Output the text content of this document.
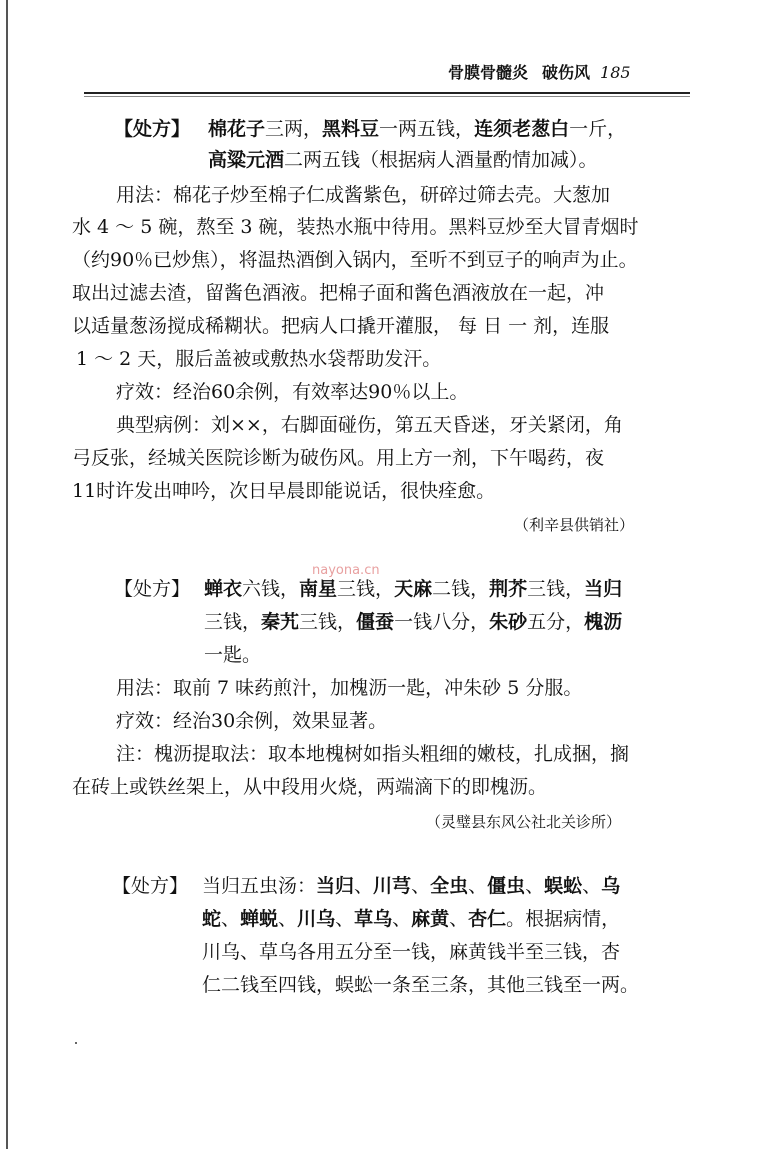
骨膜骨髓炎 破伤风 185
【处方】 棉花子三两，黑料豆一两五钱，连须老葱白一斤，
高粱元酒二两五钱（根据病人酒量酌情加减）。
用法：棉花子炒至棉子仁成酱紫色，研碎过筛去壳。大葱加
水 4 ～ 5 碗，熬至 3 碗，装热水瓶中待用。黑料豆炒至大冒青烟时
（约90％已炒焦），将温热酒倒入锅内，至听不到豆子的响声为止。
取出过滤去渣，留酱色酒液。把棉子面和酱色酒液放在一起，冲
以适量葱汤搅成稀糊状。把病人口撬开灌服， 每 日 一 剂，连服
1 ～ 2 天，服后盖被或敷热水袋帮助发汗。
疗效：经治60余例，有效率达90％以上。
典型病例：刘××，右脚面碰伤，第五天昏迷，牙关紧闭，角
弓反张，经城关医院诊断为破伤风。用上方一剂，下午喝药，夜
11时许发出呻吟，次日早晨即能说话，很快痊愈。
（利辛县供销社）
nayona.cn
【处方】 蝉衣六钱，南星三钱，天麻二钱，荆芥三钱，当归
三钱，秦艽三钱，僵蚕一钱八分，朱砂五分，槐沥
一匙。
用法：取前 7 味药煎汁，加槐沥一匙，冲朱砂 5 分服。
疗效：经治30余例，效果显著。
注：槐沥提取法：取本地槐树如指头粗细的嫩枝，扎成捆，搁
在砖上或铁丝架上，从中段用火烧，两端滴下的即槐沥。
（灵璧县东风公社北关诊所）
【处方】 当归五虫汤：当归、川芎、全虫、僵虫、蜈蚣、乌
蛇、蝉蜕、川乌、草乌、麻黄、杏仁。根据病情，
川乌、草乌各用五分至一钱，麻黄钱半至三钱，杏
仁二钱至四钱，蜈蚣一条至三条，其他三钱至一两。
